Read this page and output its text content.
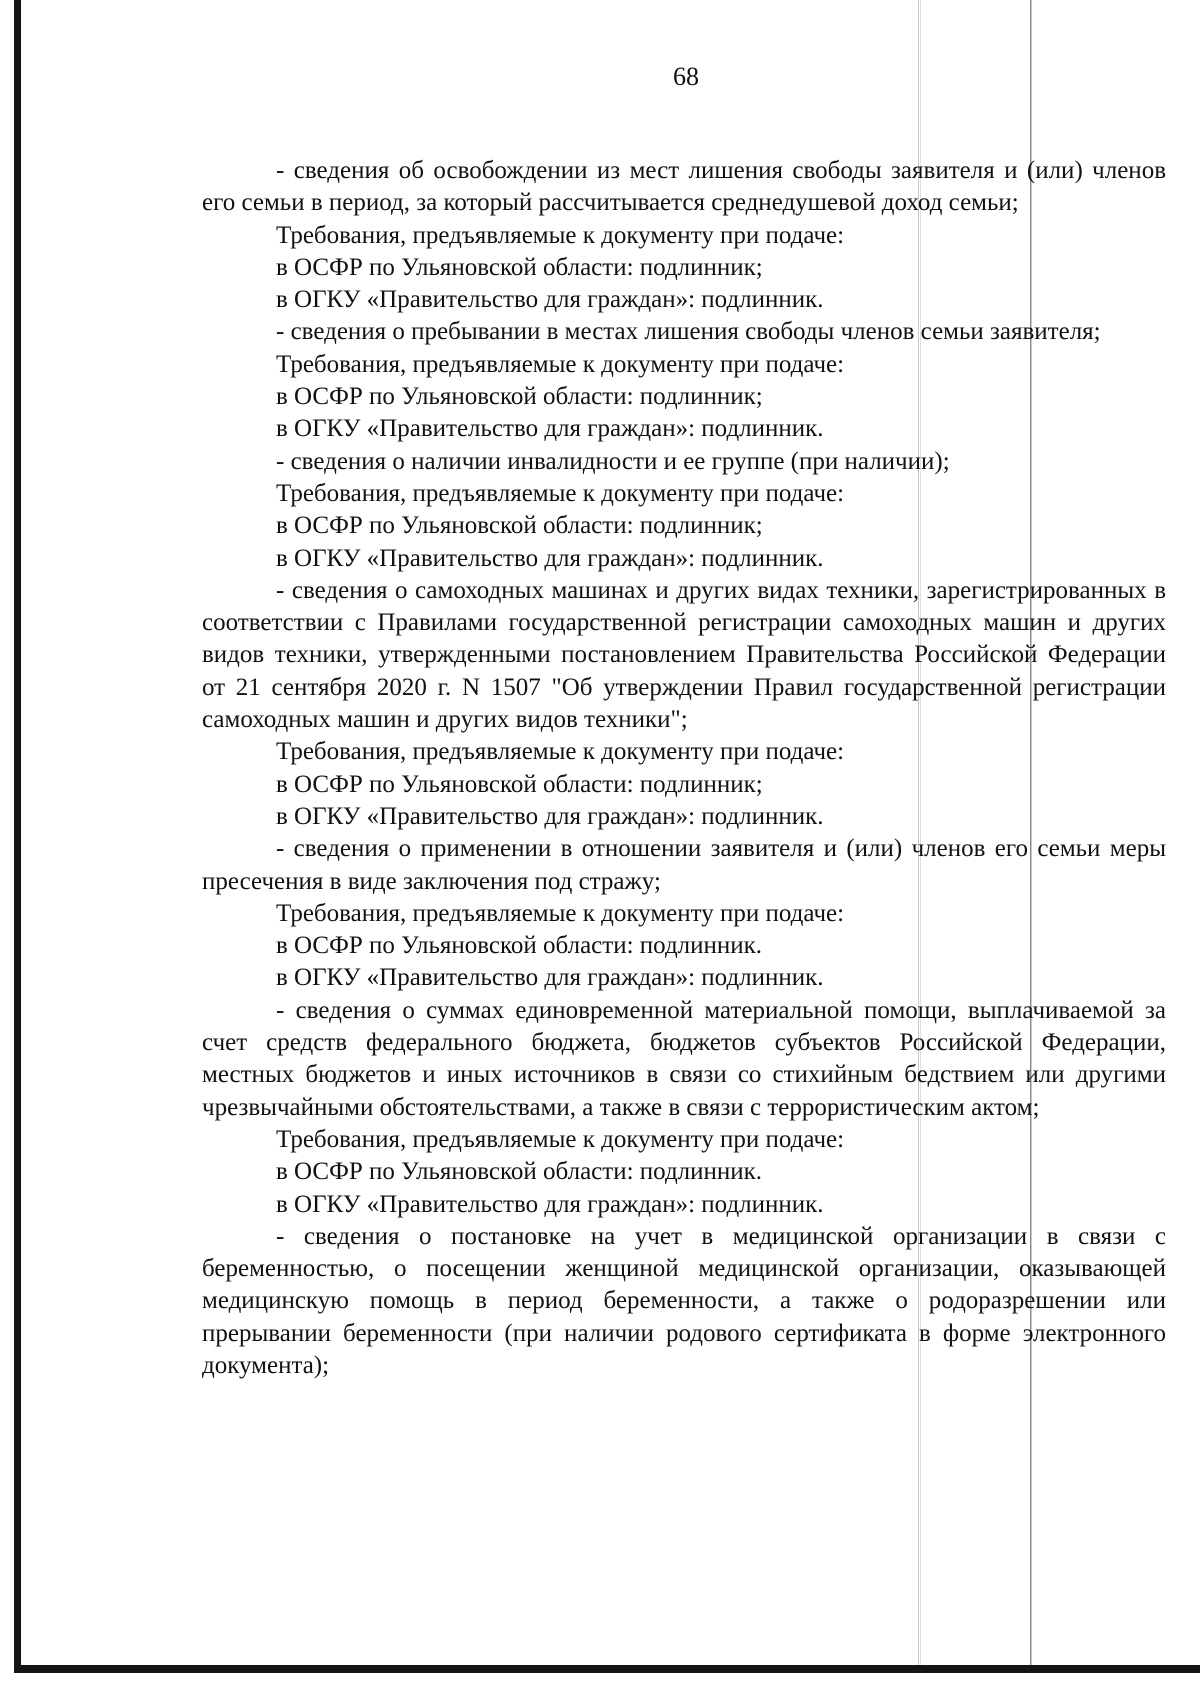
68

- сведения об освобождении из мест лишения свободы заявителя и (или) членов его семьи в период, за который рассчитывается среднедушевой доход семьи;

Требования, предъявляемые к документу при подаче:

в ОСФР по Ульяновской области: подлинник;

в ОГКУ «Правительство для граждан»: подлинник.

- сведения о пребывании в местах лишения свободы членов семьи заявителя;

Требования, предъявляемые к документу при подаче:

в ОСФР по Ульяновской области: подлинник;

в ОГКУ «Правительство для граждан»: подлинник.

- сведения о наличии инвалидности и ее группе (при наличии);

Требования, предъявляемые к документу при подаче:

в ОСФР по Ульяновской области: подлинник;

в ОГКУ «Правительство для граждан»: подлинник.

- сведения о самоходных машинах и других видах техники, зарегистрированных в соответствии с Правилами государственной регистрации самоходных машин и других видов техники, утвержденными постановлением Правительства Российской Федерации от 21 сентября 2020 г. N 1507 "Об утверждении Правил государственной регистрации самоходных машин и других видов техники";

Требования, предъявляемые к документу при подаче:

в ОСФР по Ульяновской области: подлинник;

в ОГКУ «Правительство для граждан»: подлинник.

- сведения о применении в отношении заявителя и (или) членов его семьи меры пресечения в виде заключения под стражу;

Требования, предъявляемые к документу при подаче:

в ОСФР по Ульяновской области: подлинник.

в ОГКУ «Правительство для граждан»: подлинник.

- сведения о суммах единовременной материальной помощи, выплачиваемой за счет средств федерального бюджета, бюджетов субъектов Российской Федерации, местных бюджетов и иных источников в связи со стихийным бедствием или другими чрезвычайными обстоятельствами, а также в связи с террористическим актом;

Требования, предъявляемые к документу при подаче:

в ОСФР по Ульяновской области: подлинник.

в ОГКУ «Правительство для граждан»: подлинник.

- сведения о постановке на учет в медицинской организации в связи с беременностью, о посещении женщиной медицинской организации, оказывающей медицинскую помощь в период беременности, а также о родоразрешении или прерывании беременности (при наличии родового сертификата в форме электронного документа);
